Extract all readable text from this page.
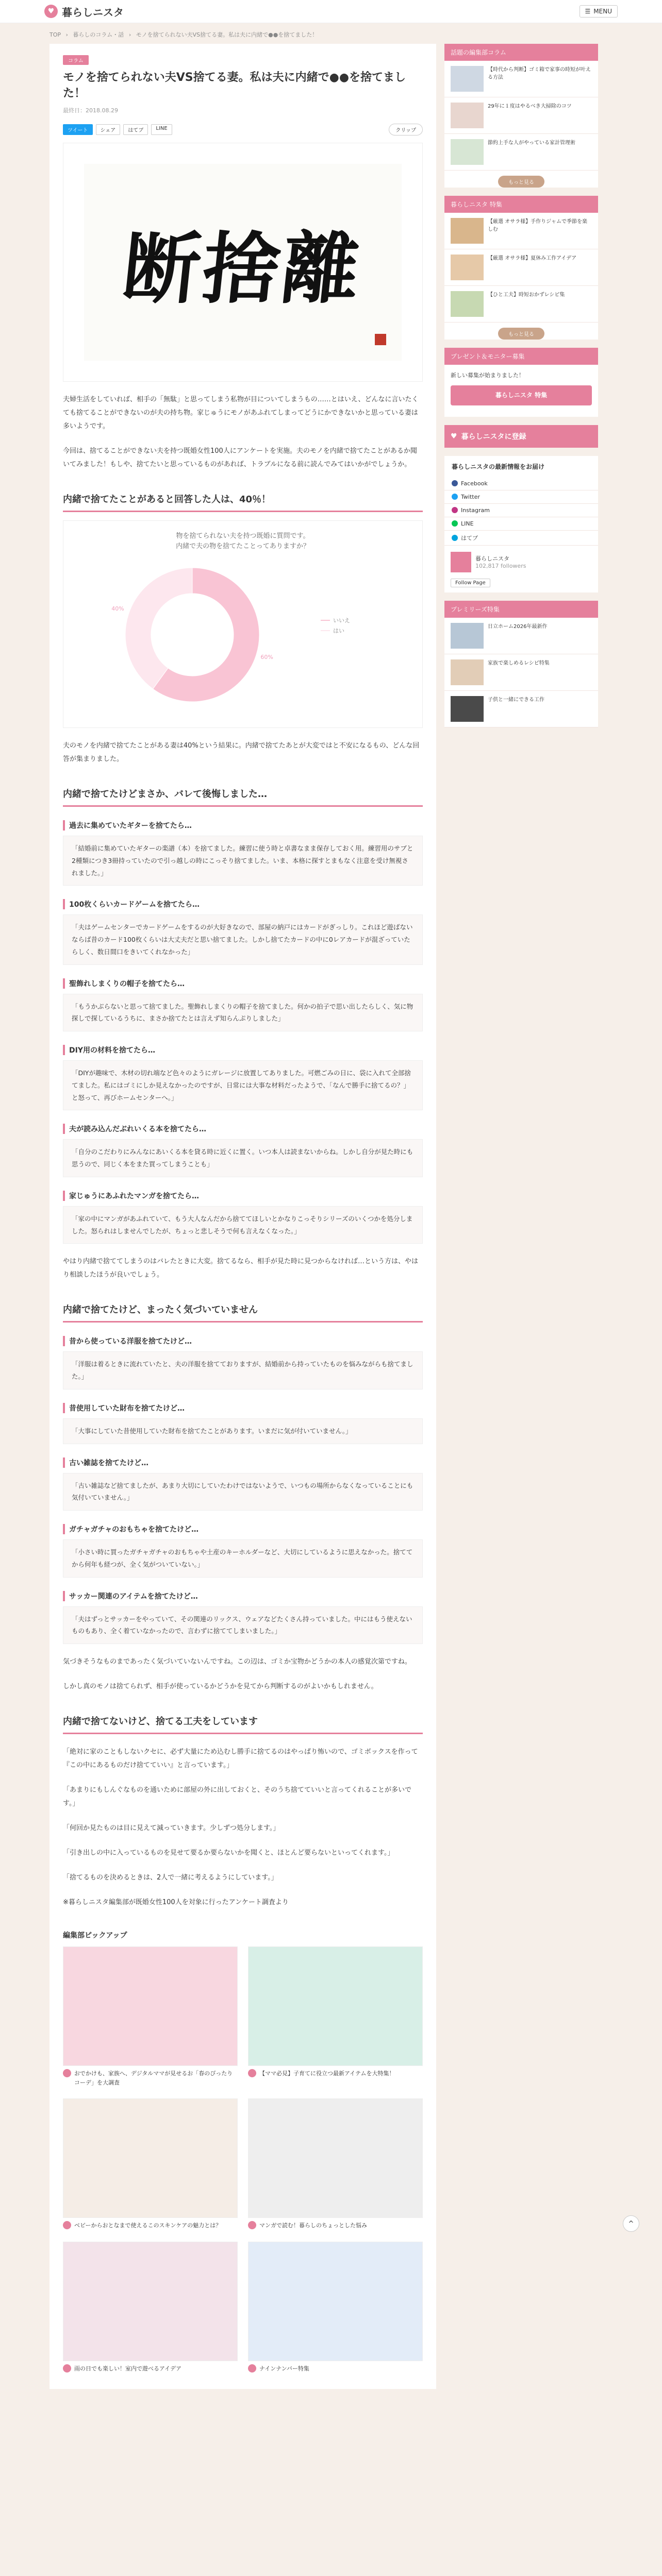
♥ 暮らしニスタ	☰ MENU
TOP › 暮らしのコラム・話 › モノを捨てられない夫VS捨てる妻。私は夫に内緒で●●を捨てました！
コラム
モノを捨てられない夫VS捨てる妻。私は夫に内緒で●●を捨てました！
最終日：2018.08.29
ツイート	シェア	はてブ	LINE	クリップ
断捨離

夫婦生活をしていれば、相手の「無駄」と思ってしまう私物が目についてしまうもの……とはいえ、どんなに言いたくても捨てることができないのが夫の持ち物。家じゅうにモノがあふれてしまってどうにかできないかと思っている妻は多いようです。

今回は、捨てることができない夫を持つ既婚女性100人にアンケートを実施。夫のモノを内緒で捨てたことがあるか聞いてみました！もしや、捨てたいと思っているものがあれば、トラブルになる前に読んでみてはいかがでしょうか。

内緒で捨てたことがあると回答した人は、40％！
物を捨てられない夫を持つ既婚に質問です。
内緒で夫の物を捨てたことってありますか？
60%
40%
いいえ
はい

夫のモノを内緒で捨てたことがある妻は40%という結果に。内緒で捨てたあとが大変ではと不安になるもの、どんな回答が集まりました。

内緒で捨てたけどまさか、バレて後悔しました…
過去に集めていたギターを捨てたら…
「結婚前に集めていたギターの楽譜（本）を捨てました。練習に使う時と卓書なまま保存しておく用。練習用のサブと2種類につき3冊持っていたので引っ越しの時にこっそり捨てました。いま、本格に探すとまもなく注意を受け無視されました。」
100枚くらいカードゲームを捨てたら…
「夫はゲームセンターでカードゲームをするのが大好きなので、部屋の納戸にはカードがぎっしり。これほど遊ばないならば昔のカード100枚くらいは大丈夫だと思い捨てました。しかし捨てたカードの中に0レアカードが混ざっていたらしく、数日間口をきいてくれなかった」
聖飾れしまくりの帽子を捨てたら…
「もうかぶらないと思って捨てました。聖飾れしまくりの帽子を捨てました。何かの拍子で思い出したらしく、気に物探しで探しているうちに、まさか捨てたとは言えず知らんぷりしました」
DIY用の材料を捨てたら…
「DIYが趣味で、木材の切れ端など色々のようにガレージに放置してありました。可燃ごみの日に、袋に入れて全部捨てました。私にはゴミにしか見えなかったのですが、日常には大事な材料だったようで、「なんで勝手に捨てるの？」と怒って、再びホームセンターへ。」
夫が読み込んだぶれいくる本を捨てたら…
「自分のこだわりにみんなにあいくる本を貸る時に近くに置く。いつ本人は読まないからね。しかし自分が見た時にも思うので、同じく本をまた買ってしまうことも」
家じゅうにあふれたマンガを捨てたら…
「家の中にマンガがあふれていて、もう大人なんだから捨ててほしいとかなりこっそりシリーズのいくつかを処分しました。怒られはしませんでしたが、ちょっと悲しそうで何も言えなくなった。」

やはり内緒で捨ててしまうのはバレたときに大変。捨てるなら、相手が見た時に見つからなければ…という方は、やはり相談したほうが良いでしょう。

内緒で捨てたけど、まったく気づいていません
昔から使っている洋服を捨てたけど…
「洋服は着るときに流れていたと、夫の洋服を捨てておりますが、結婚前から持っていたものを悩みながらも捨てました。」
昔使用していた財布を捨てたけど…
「大事にしていた昔使用していた財布を捨てたことがあります。いまだに気が付いていません。」
古い雑誌を捨てたけど…
「古い雑誌など捨てましたが、あまり大切にしていたわけではないようで、いつもの場所からなくなっていることにも気付いていません。」
ガチャガチャのおもちゃを捨てたけど…
「小さい時に買ったガチャガチャのおもちゃや土産のキーホルダーなど、大切にしているように思えなかった。捨ててから何年も経つが、全く気がついていない。」
サッカー関連のアイテムを捨てたけど…
「夫はずっとサッカーをやっていて、その関連のリックス、ウェアなどたくさん持っていました。中にはもう使えないものもあり、全く着ていなかったので、言わずに捨ててしまいました。」

気づきそうなものまであったく気づいていないんですね。この辺は、ゴミか宝物かどうかの本人の感覚次第ですね。

しかし真のモノは捨てられず、相手が使っているかどうかを見てから判断するのがよいかもしれません。

内緒で捨てないけど、捨てる工夫をしています

「絶対に家のこともしないクセに、必ず大量にため込むし勝手に捨てるのはやっぱり怖いので、ゴミボックスを作って『この中にあるものだけ捨てていい』と言っています。」

「あまりにもしんぐなものを通いために部屋の外に出しておくと、そのうち捨てていいと言ってくれることが多いです。」

「何回か見たものは目に見えて減っていきます。少しずつ処分します。」

「引き出しの中に入っているものを見せて要るか要らないかを聞くと、ほとんど要らないといってくれます。」

「捨てるものを決めるときは、2人で一緒に考えるようにしています。」

※暮らしニスタ編集部が既婚女性100人を対象に行ったアンケート調査より

編集部ピックアップ
おでかけも、家族へ、デジタルママが見せるお「春のぴったりコーデ」を大調査
【ママ必見】子育てに役立つ最新アイテムを大特集！
ベビーからおとなまで使えるこのスキンケアの魅力とは？	マンガで読む！暮らしのちょっとした悩み
雨の日でも楽しい！室内で遊べるアイデア	ナインナンバー特集
話題の編集部コラム
【時代から判断】ゴミ箱で家事の時短が叶える方法
29年に１度はやるべき大掃除のコツ
節約上手な人がやっている家計管理術
もっと見る
暮らしニスタ 特集
【厳選 オサラ様】手作りジャムで季節を楽しむ
【厳選 オサラ様】夏休み工作アイデア
【ひと工夫】時短おかずレシピ集
もっと見る
プレゼント＆モニター募集
新しい募集が始まりました！
暮らしニスタ 特集
♥ 暮らしニスタに登録
暮らしニスタの最新情報をお届け
Facebook
Twitter
Instagram
LINE
はてブ
暮らしニスタ
102,817 followers
Follow Page
プレミリーズ特集
日立ホーム2026年最新作
家族で楽しめるレシピ特集
子供と一緒にできる工作
^
